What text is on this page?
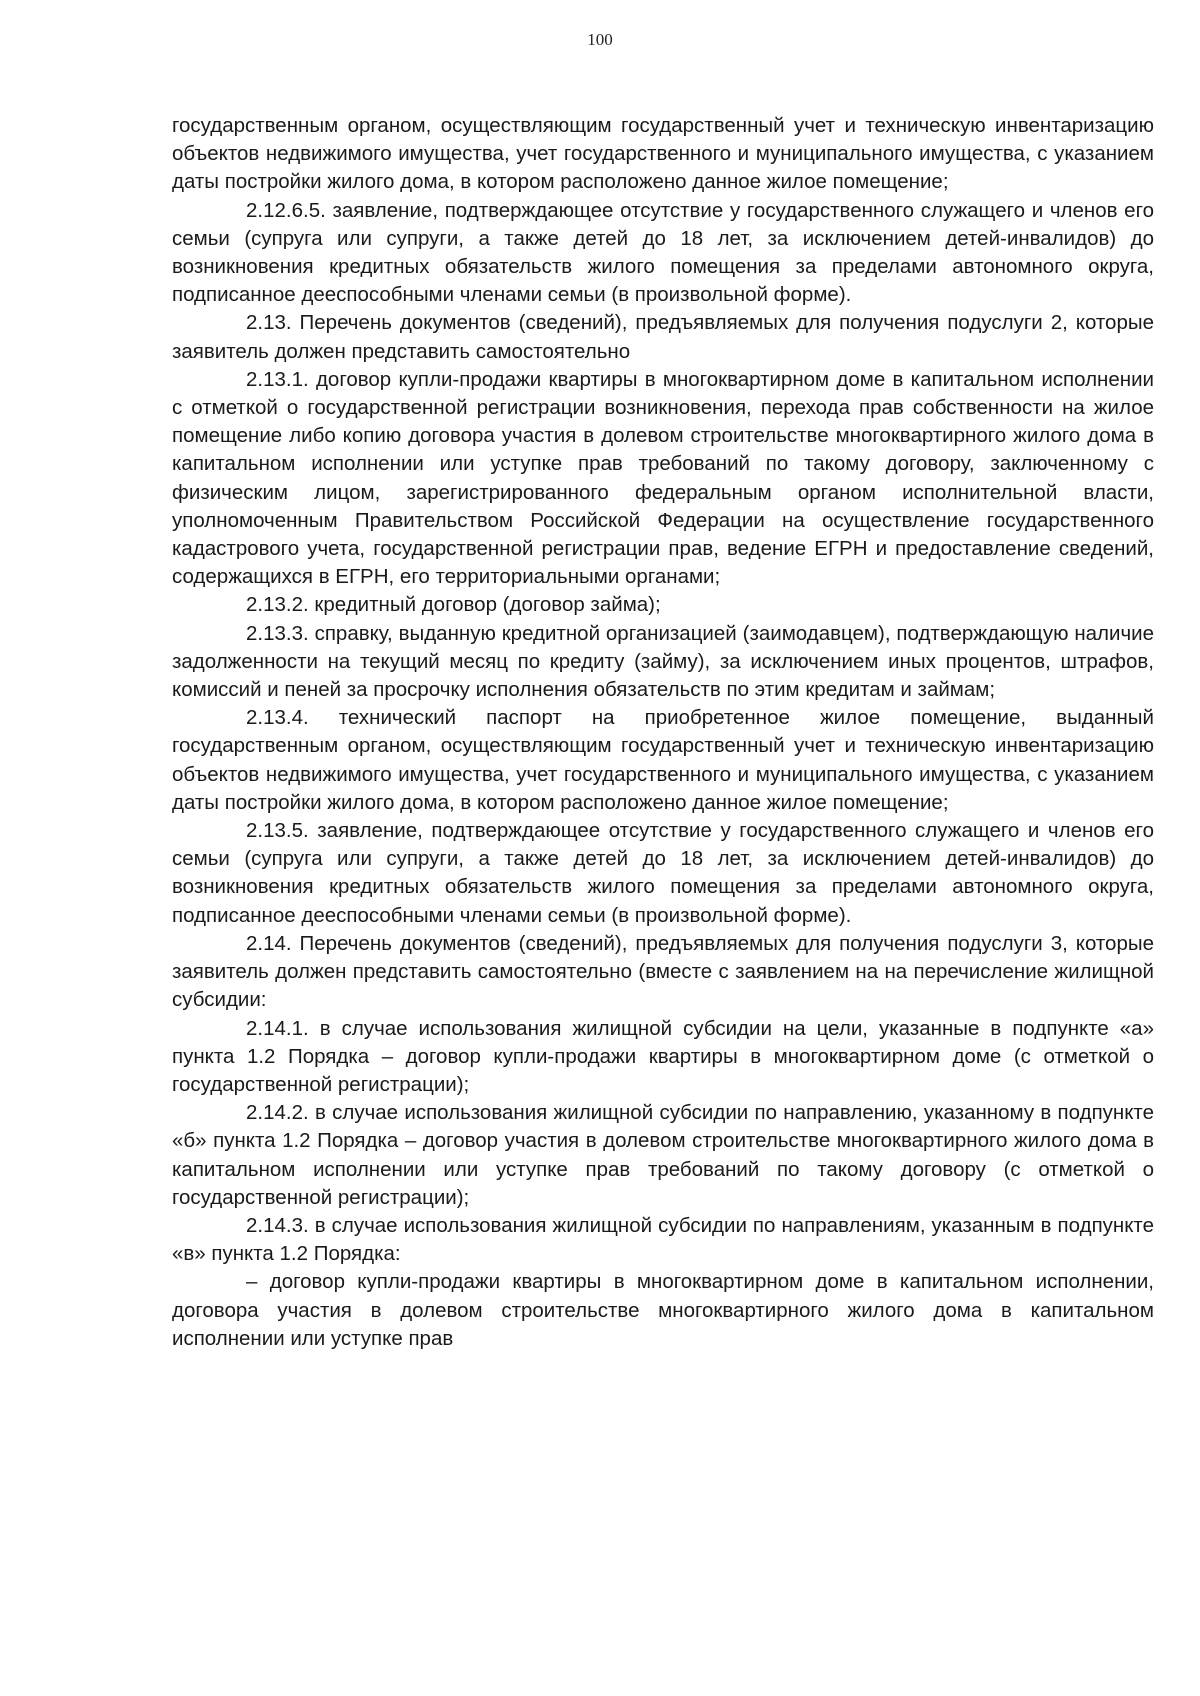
100

государственным органом, осуществляющим государственный учет и техническую инвентаризацию объектов недвижимого имущества, учет государственного и муниципального имущества, с указанием даты постройки жилого дома, в котором расположено данное жилое помещение;

2.12.6.5. заявление, подтверждающее отсутствие у государственного служащего и членов его семьи (супруга или супруги, а также детей до 18 лет, за исключением детей-инвалидов) до возникновения кредитных обязательств жилого помещения за пределами автономного округа, подписанное дееспособными членами семьи (в произвольной форме).

2.13. Перечень документов (сведений), предъявляемых для получения подуслуги 2, которые заявитель должен представить самостоятельно

2.13.1. договор купли-продажи квартиры в многоквартирном доме в капитальном исполнении с отметкой о государственной регистрации возникновения, перехода прав собственности на жилое помещение либо копию договора участия в долевом строительстве многоквартирного жилого дома в капитальном исполнении или уступке прав требований по такому договору, заключенному с физическим лицом, зарегистрированного федеральным органом исполнительной власти, уполномоченным Правительством Российской Федерации на осуществление государственного кадастрового учета, государственной регистрации прав, ведение ЕГРН и предоставление сведений, содержащихся в ЕГРН, его территориальными органами;

2.13.2. кредитный договор (договор займа);

2.13.3. справку, выданную кредитной организацией (заимодавцем), подтверждающую наличие задолженности на текущий месяц по кредиту (займу), за исключением иных процентов, штрафов, комиссий и пеней за просрочку исполнения обязательств по этим кредитам и займам;

2.13.4. технический паспорт на приобретенное жилое помещение, выданный государственным органом, осуществляющим государственный учет и техническую инвентаризацию объектов недвижимого имущества, учет государственного и муниципального имущества, с указанием даты постройки жилого дома, в котором расположено данное жилое помещение;

2.13.5. заявление, подтверждающее отсутствие у государственного служащего и членов его семьи (супруга или супруги, а также детей до 18 лет, за исключением детей-инвалидов) до возникновения кредитных обязательств жилого помещения за пределами автономного округа, подписанное дееспособными членами семьи (в произвольной форме).

2.14. Перечень документов (сведений), предъявляемых для получения подуслуги 3, которые заявитель должен представить самостоятельно (вместе с заявлением на на перечисление жилищной субсидии:

2.14.1. в случае использования жилищной субсидии на цели, указанные в подпункте «а» пункта 1.2 Порядка – договор купли-продажи квартиры в многоквартирном доме (с отметкой о государственной регистрации);

2.14.2. в случае использования жилищной субсидии по направлению, указанному в подпункте «б» пункта 1.2 Порядка – договор участия в долевом строительстве многоквартирного жилого дома в капитальном исполнении или уступке прав требований по такому договору (с отметкой о государственной регистрации);

2.14.3. в случае использования жилищной субсидии по направлениям, указанным в подпункте «в» пункта 1.2 Порядка:

– договор купли-продажи квартиры в многоквартирном доме в капитальном исполнении, договора участия в долевом строительстве многоквартирного жилого дома в капитальном исполнении или уступке прав
